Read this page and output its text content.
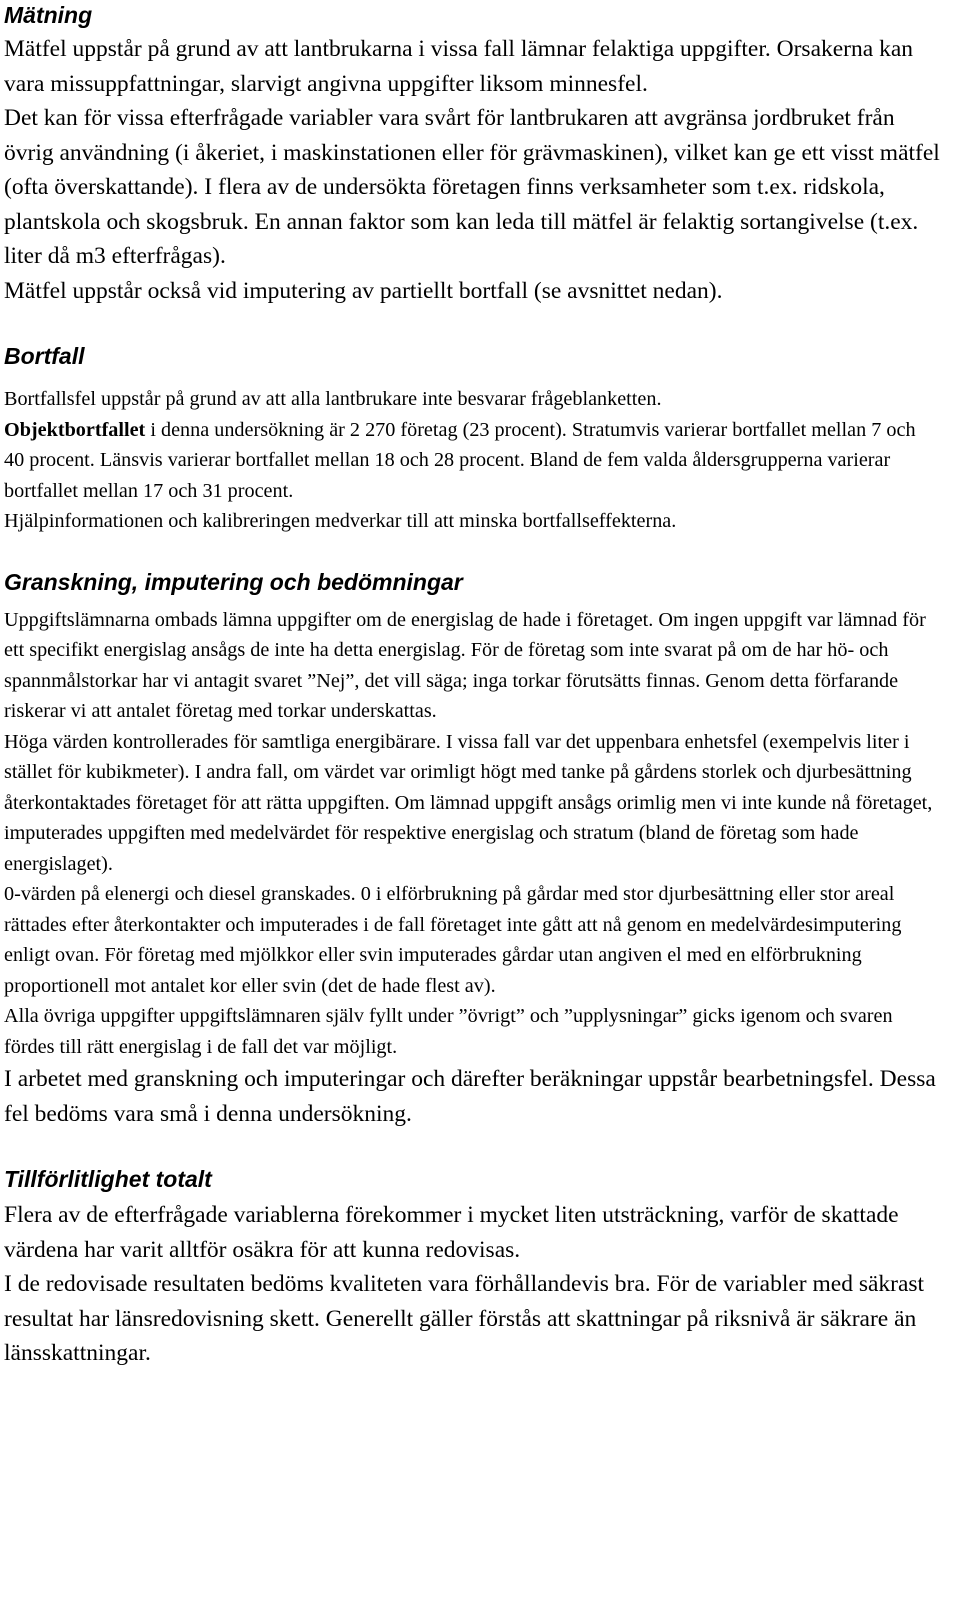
Mätning

Mätfel uppstår på grund av att lantbrukarna i vissa fall lämnar felaktiga uppgifter. Orsakerna kan vara missuppfattningar, slarvigt angivna uppgifter liksom minnesfel.

Det kan för vissa efterfrågade variabler vara svårt för lantbrukaren att avgränsa jordbruket från övrig användning (i åkeriet, i maskinstationen eller för grävmaskinen), vilket kan ge ett visst mätfel (ofta överskattande). I flera av de undersökta företagen finns verksamheter som t.ex. ridskola, plantskola och skogsbruk. En annan faktor som kan leda till mätfel är felaktig sortangivelse (t.ex. liter då m3 efterfrågas).

Mätfel uppstår också vid imputering av partiellt bortfall (se avsnittet nedan).

Bortfall

Bortfallsfel uppstår på grund av att alla lantbrukare inte besvarar frågeblanketten.

Objektbortfallet i denna undersökning är 2 270 företag (23 procent). Stratumvis varierar bortfallet mellan 7 och 40 procent. Länsvis varierar bortfallet mellan 18 och 28 procent. Bland de fem valda åldersgrupperna varierar bortfallet mellan 17 och 31 procent.

Hjälpinformationen och kalibreringen medverkar till att minska bortfallseffekterna.

Granskning, imputering och bedömningar

Uppgiftslämnarna ombads lämna uppgifter om de energislag de hade i företaget. Om ingen uppgift var lämnad för ett specifikt energislag ansågs de inte ha detta energislag. För de företag som inte svarat på om de har hö- och spannmålstorkar har vi antagit svaret ”Nej”, det vill säga; inga torkar förutsätts finnas. Genom detta förfarande riskerar vi att antalet företag med torkar underskattas.

Höga värden kontrollerades för samtliga energibärare. I vissa fall var det uppenbara enhetsfel (exempelvis liter i stället för kubikmeter). I andra fall, om värdet var orimligt högt med tanke på gårdens storlek och djurbesättning återkontaktades företaget för att rätta uppgiften. Om lämnad uppgift ansågs orimlig men vi inte kunde nå företaget, imputerades uppgiften med medelvärdet för respektive energislag och stratum (bland de företag som hade energislaget).

0-värden på elenergi och diesel granskades. 0 i elförbrukning på gårdar med stor djurbesättning eller stor areal rättades efter återkontakter och imputerades i de fall företaget inte gått att nå genom en medelvärdesimputering enligt ovan. För företag med mjölkkor eller svin imputerades gårdar utan angiven el med en elförbrukning proportionell mot antalet kor eller svin (det de hade flest av).

Alla övriga uppgifter uppgiftslämnaren själv fyllt under ”övrigt” och ”upplysningar” gicks igenom och svaren fördes till rätt energislag i de fall det var möjligt.

I arbetet med granskning och imputeringar och därefter beräkningar uppstår bearbetningsfel. Dessa fel bedöms vara små i denna undersökning.

Tillförlitlighet totalt

Flera av de efterfrågade variablerna förekommer i mycket liten utsträckning, varför de skattade värdena har varit alltför osäkra för att kunna redovisas.

I de redovisade resultaten bedöms kvaliteten vara förhållandevis bra. För de variabler med säkrast resultat har länsredovisning skett. Generellt gäller förstås att skattningar på riksnivå är säkrare än länsskattningar.
